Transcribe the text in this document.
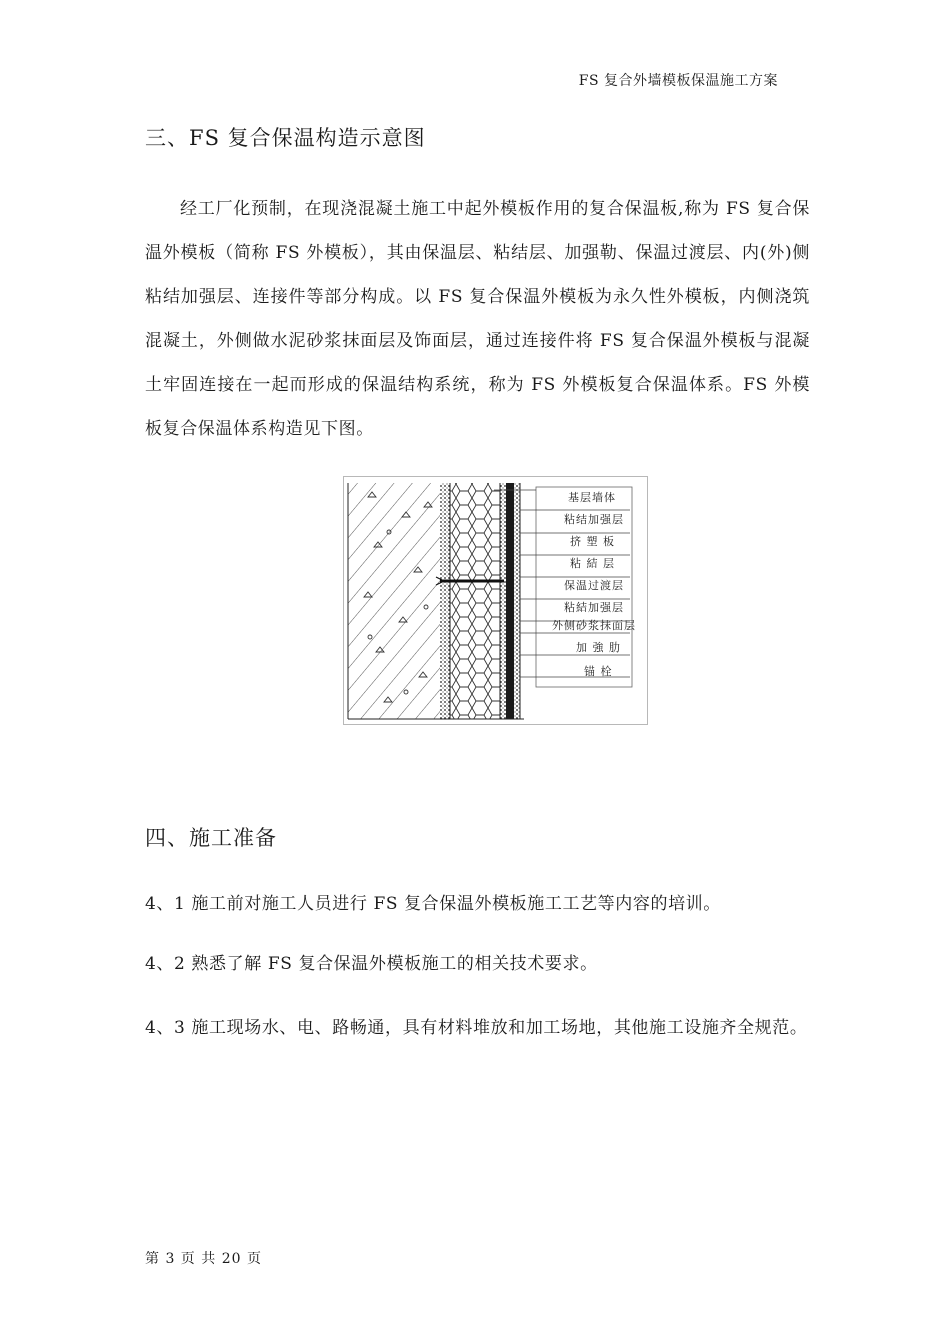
FS 复合外墙模板保温施工方案
三、FS 复合保温构造示意图

经工厂化预制，在现浇混凝土施工中起外模板作用的复合保温板,称为 FS 复合保温外模板（简称 FS 外模板），其由保温层、粘结层、加强勒、保温过渡层、内(外)侧粘结加强层、连接件等部分构成。以 FS 复合保温外模板为永久性外模板，内侧浇筑混凝土，外侧做水泥砂浆抹面层及饰面层，通过连接件将 FS 复合保温外模板与混凝土牢固连接在一起而形成的保温结构系统，称为 FS 外模板复合保温体系。FS 外模板复合保温体系构造见下图。

基层墙体
粘结加强层
挤 塑 板
粘 結 层
保温过渡层
粘結加强层
外侧砂浆抹面层
加 強 肋
锚 栓
四、施工准备

4、1 施工前对施工人员进行 FS 复合保温外模板施工工艺等内容的培训。

4、2 熟悉了解 FS 复合保温外模板施工的相关技术要求。

4、3 施工现场水、电、路畅通，具有材料堆放和加工场地，其他施工设施齐全规范。

第 3 页 共 20 页
